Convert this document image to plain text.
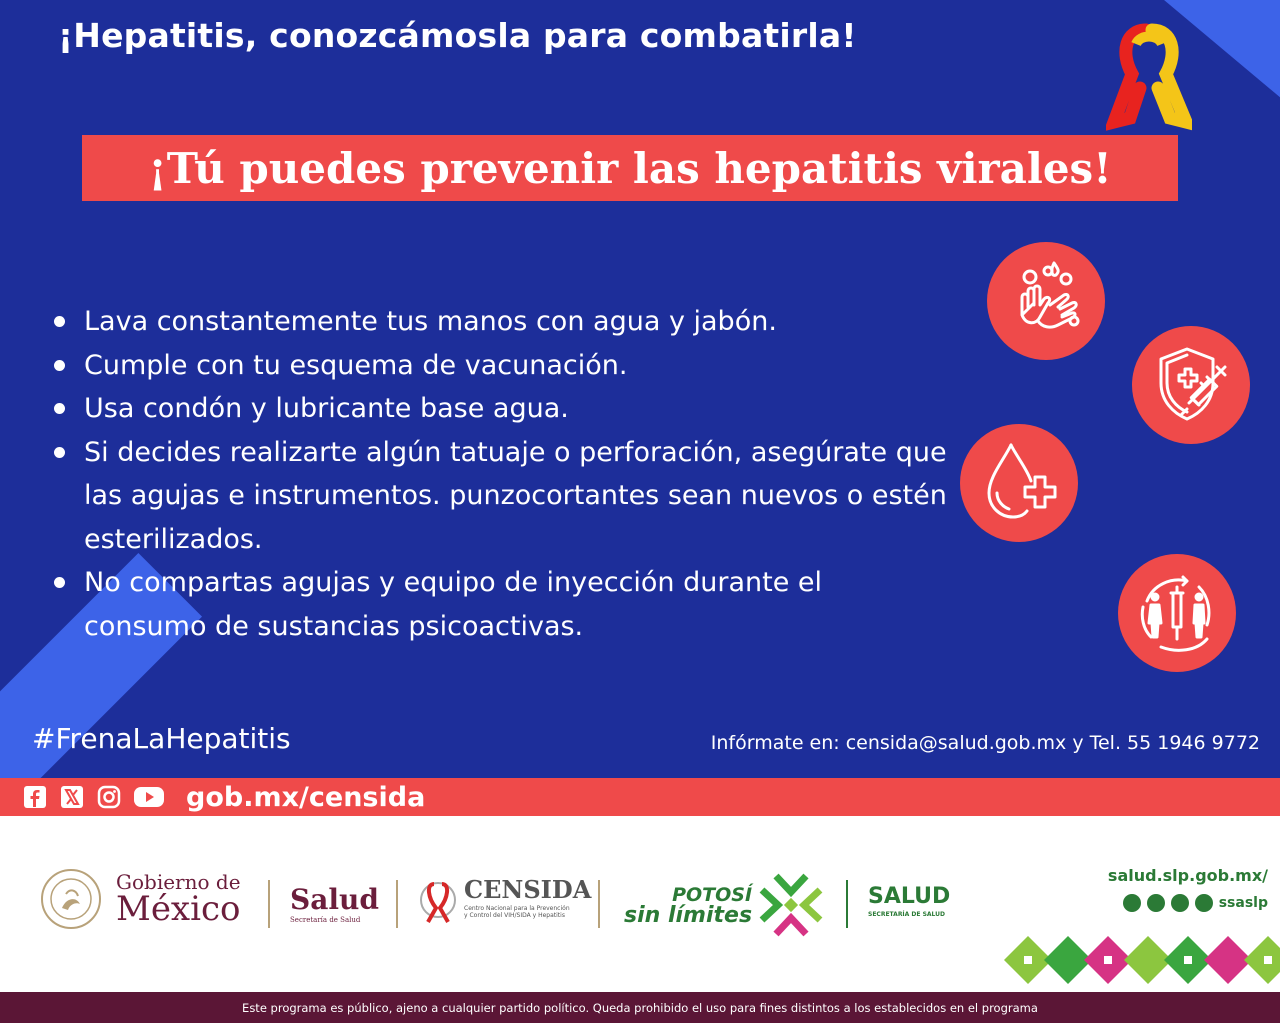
¡Hepatitis, conozcámosla para combatirla!
¡Tú puedes prevenir las hepatitis virales!
Lava constantemente tus manos con agua y jabón.
Cumple con tu esquema de vacunación.
Usa condón y lubricante base agua.
Si decides realizarte algún tatuaje o perforación, asegúrate que las agujas e instrumentos. punzocortantes sean nuevos o estén esterilizados.
No compartas agujas y equipo de inyección durante el consumo de sustancias psicoactivas.
#FrenaLaHepatitis	Infórmate en: censida@salud.gob.mx y Tel. 55 1946 9772
gob.mx/censida
Gobierno de
México Salud
Secretaría de Salud
CENSIDA
Centro Nacional para la Prevención y Control del VIH/SIDA y Hepatitis
POTOSÍ
sin límites
SALUD
SECRETARÍA DE SALUD
salud.slp.gob.mx/
ssaslp
Este programa es público, ajeno a cualquier partido político. Queda prohibido el uso para fines distintos a los establecidos en el programa
